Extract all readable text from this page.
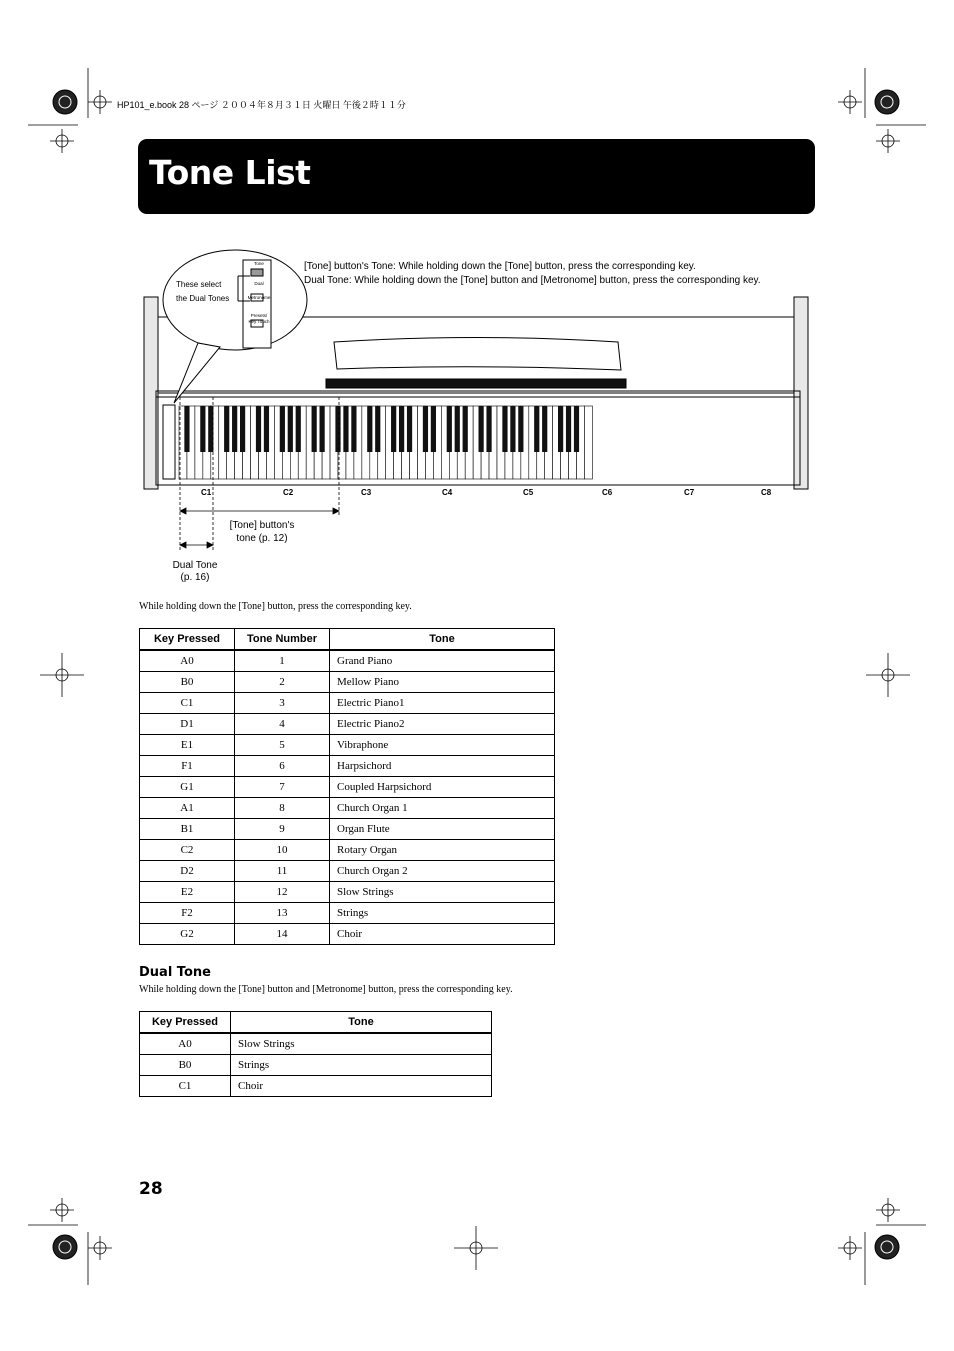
HP101_e.book 28 ページ ２００４年８月３１日 火曜日 午後２時１１分
Tone List
These select
the Dual Tones
Tone
Dual
Metronome
Presets/
Key Touch
[Tone] button's Tone: While holding down the [Tone] button, press the corresponding key.
Dual Tone: While holding down the [Tone] button and [Metronome] button, press the corresponding key.
C1	C2	C3	C4	C5	C6	C7	C8
[Tone] button's
tone (p. 12)
Dual Tone
(p. 16)
While holding down the [Tone] button, press the corresponding key.
Key Pressed	Tone Number	Tone
A0	1	Grand Piano
B0	2	Mellow Piano
C1	3	Electric Piano1
D1	4	Electric Piano2
E1	5	Vibraphone
F1	6	Harpsichord
G1	7	Coupled Harpsichord
A1	8	Church Organ 1
B1	9	Organ Flute
C2	10	Rotary Organ
D2	11	Church Organ 2
E2	12	Slow Strings
F2	13	Strings
G2	14	Choir
Dual Tone
While holding down the [Tone] button and [Metronome] button, press the corresponding key.
Key Pressed	Tone
A0	Slow Strings
B0	Strings
C1	Choir
28
